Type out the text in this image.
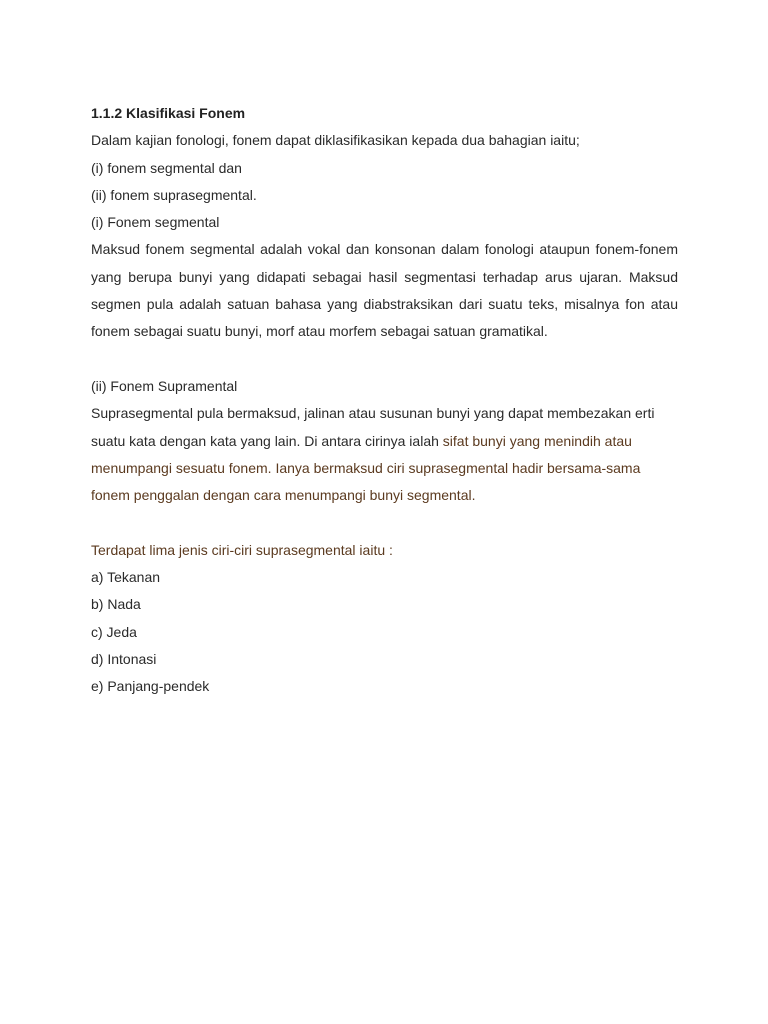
1.1.2 Klasifikasi Fonem
Dalam kajian fonologi, fonem dapat diklasifikasikan kepada dua bahagian iaitu;
(i) fonem segmental dan
(ii) fonem suprasegmental.
(i) Fonem segmental

Maksud fonem segmental adalah vokal dan konsonan dalam fonologi ataupun fonem-fonem yang berupa bunyi yang didapati sebagai hasil segmentasi terhadap arus ujaran. Maksud segmen pula adalah satuan bahasa yang diabstraksikan dari suatu teks, misalnya fon atau fonem sebagai suatu bunyi, morf atau morfem sebagai satuan gramatikal.

(ii) Fonem Supramental
Suprasegmental pula bermaksud, jalinan atau susunan bunyi yang dapat membezakan erti
suatu kata dengan kata yang lain. Di antara cirinya ialah sifat bunyi yang menindih atau
menumpangi sesuatu fonem. Ianya bermaksud ciri suprasegmental hadir bersama-sama
fonem penggalan dengan cara menumpangi bunyi segmental.
Terdapat lima jenis ciri-ciri suprasegmental iaitu :
a) Tekanan
b) Nada
c) Jeda
d) Intonasi
e) Panjang-pendek
